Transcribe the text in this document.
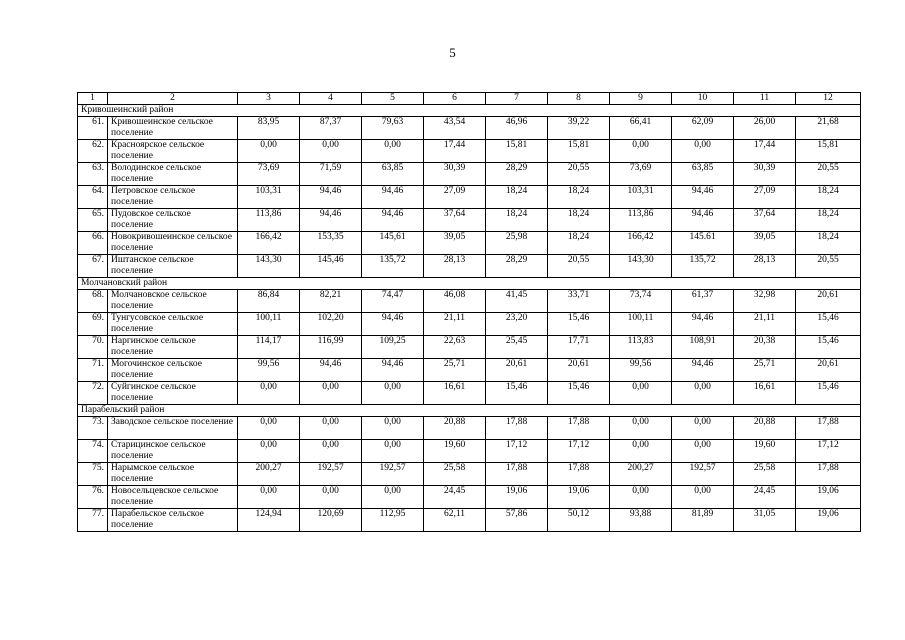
5
1	2	3	4	5	6	7	8	9	10	11	12
Кривошеинский район											
61.	Кривошеинское сельское поселение	83,95	87,37	79,63	43,54	46,96	39,22	66,41	62,09	26,00	21,68
62.	Красноярское сельское поселение	0,00	0,00	0,00	17,44	15,81	15,81	0,00	0,00	17,44	15,81
63.	Володинское сельское поселение	73,69	71,59	63,85	30,39	28,29	20,55	73,69	63,85	30,39	20,55
64.	Петровское сельское поселение	103,31	94,46	94,46	27,09	18,24	18,24	103,31	94,46	27,09	18,24
65.	Пудовское сельское поселение	113,86	94,46	94,46	37,64	18,24	18,24	113,86	94,46	37,64	18,24
66.	Новокривошеинское сельское поселение	166,42	153,35	145,61	39,05	25,98	18,24	166,42	145.61	39,05	18,24
67.	Иштанское сельское поселение	143,30	145,46	135,72	28,13	28,29	20,55	143,30	135,72	28,13	20,55
Молчановский район											
68.	Молчановское сельское поселение	86,84	82,21	74,47	46,08	41,45	33,71	73,74	61,37	32,98	20,61
69.	Тунгусовское сельское поселение	100,11	102,20	94,46	21,11	23,20	15,46	100,11	94,46	21,11	15,46
70.	Наргинское сельское поселение	114,17	116,99	109,25	22,63	25,45	17,71	113,83	108,91	20,38	15,46
71.	Могочинское сельское поселение	99,56	94,46	94,46	25,71	20,61	20,61	99,56	94,46	25,71	20,61
72.	Суйгинское сельское поселение	0,00	0,00	0,00	16,61	15,46	15,46	0,00	0,00	16,61	15,46
Парабельский район											
73.	Заводское сельское поселение	0,00	0,00	0,00	20,88	17,88	17,88	0,00	0,00	20,88	17,88
74.	Старицинское сельское поселение	0,00	0,00	0,00	19,60	17,12	17,12	0,00	0,00	19,60	17,12
75.	Нарымское сельское поселение	200,27	192,57	192,57	25,58	17,88	17,88	200,27	192,57	25,58	17,88
76.	Новосельцевское сельское поселение	0,00	0,00	0,00	24,45	19,06	19,06	0,00	0,00	24,45	19,06
77.	Парабельское сельское поселение	124,94	120,69	112,95	62,11	57,86	50,12	93,88	81,89	31,05	19,06
